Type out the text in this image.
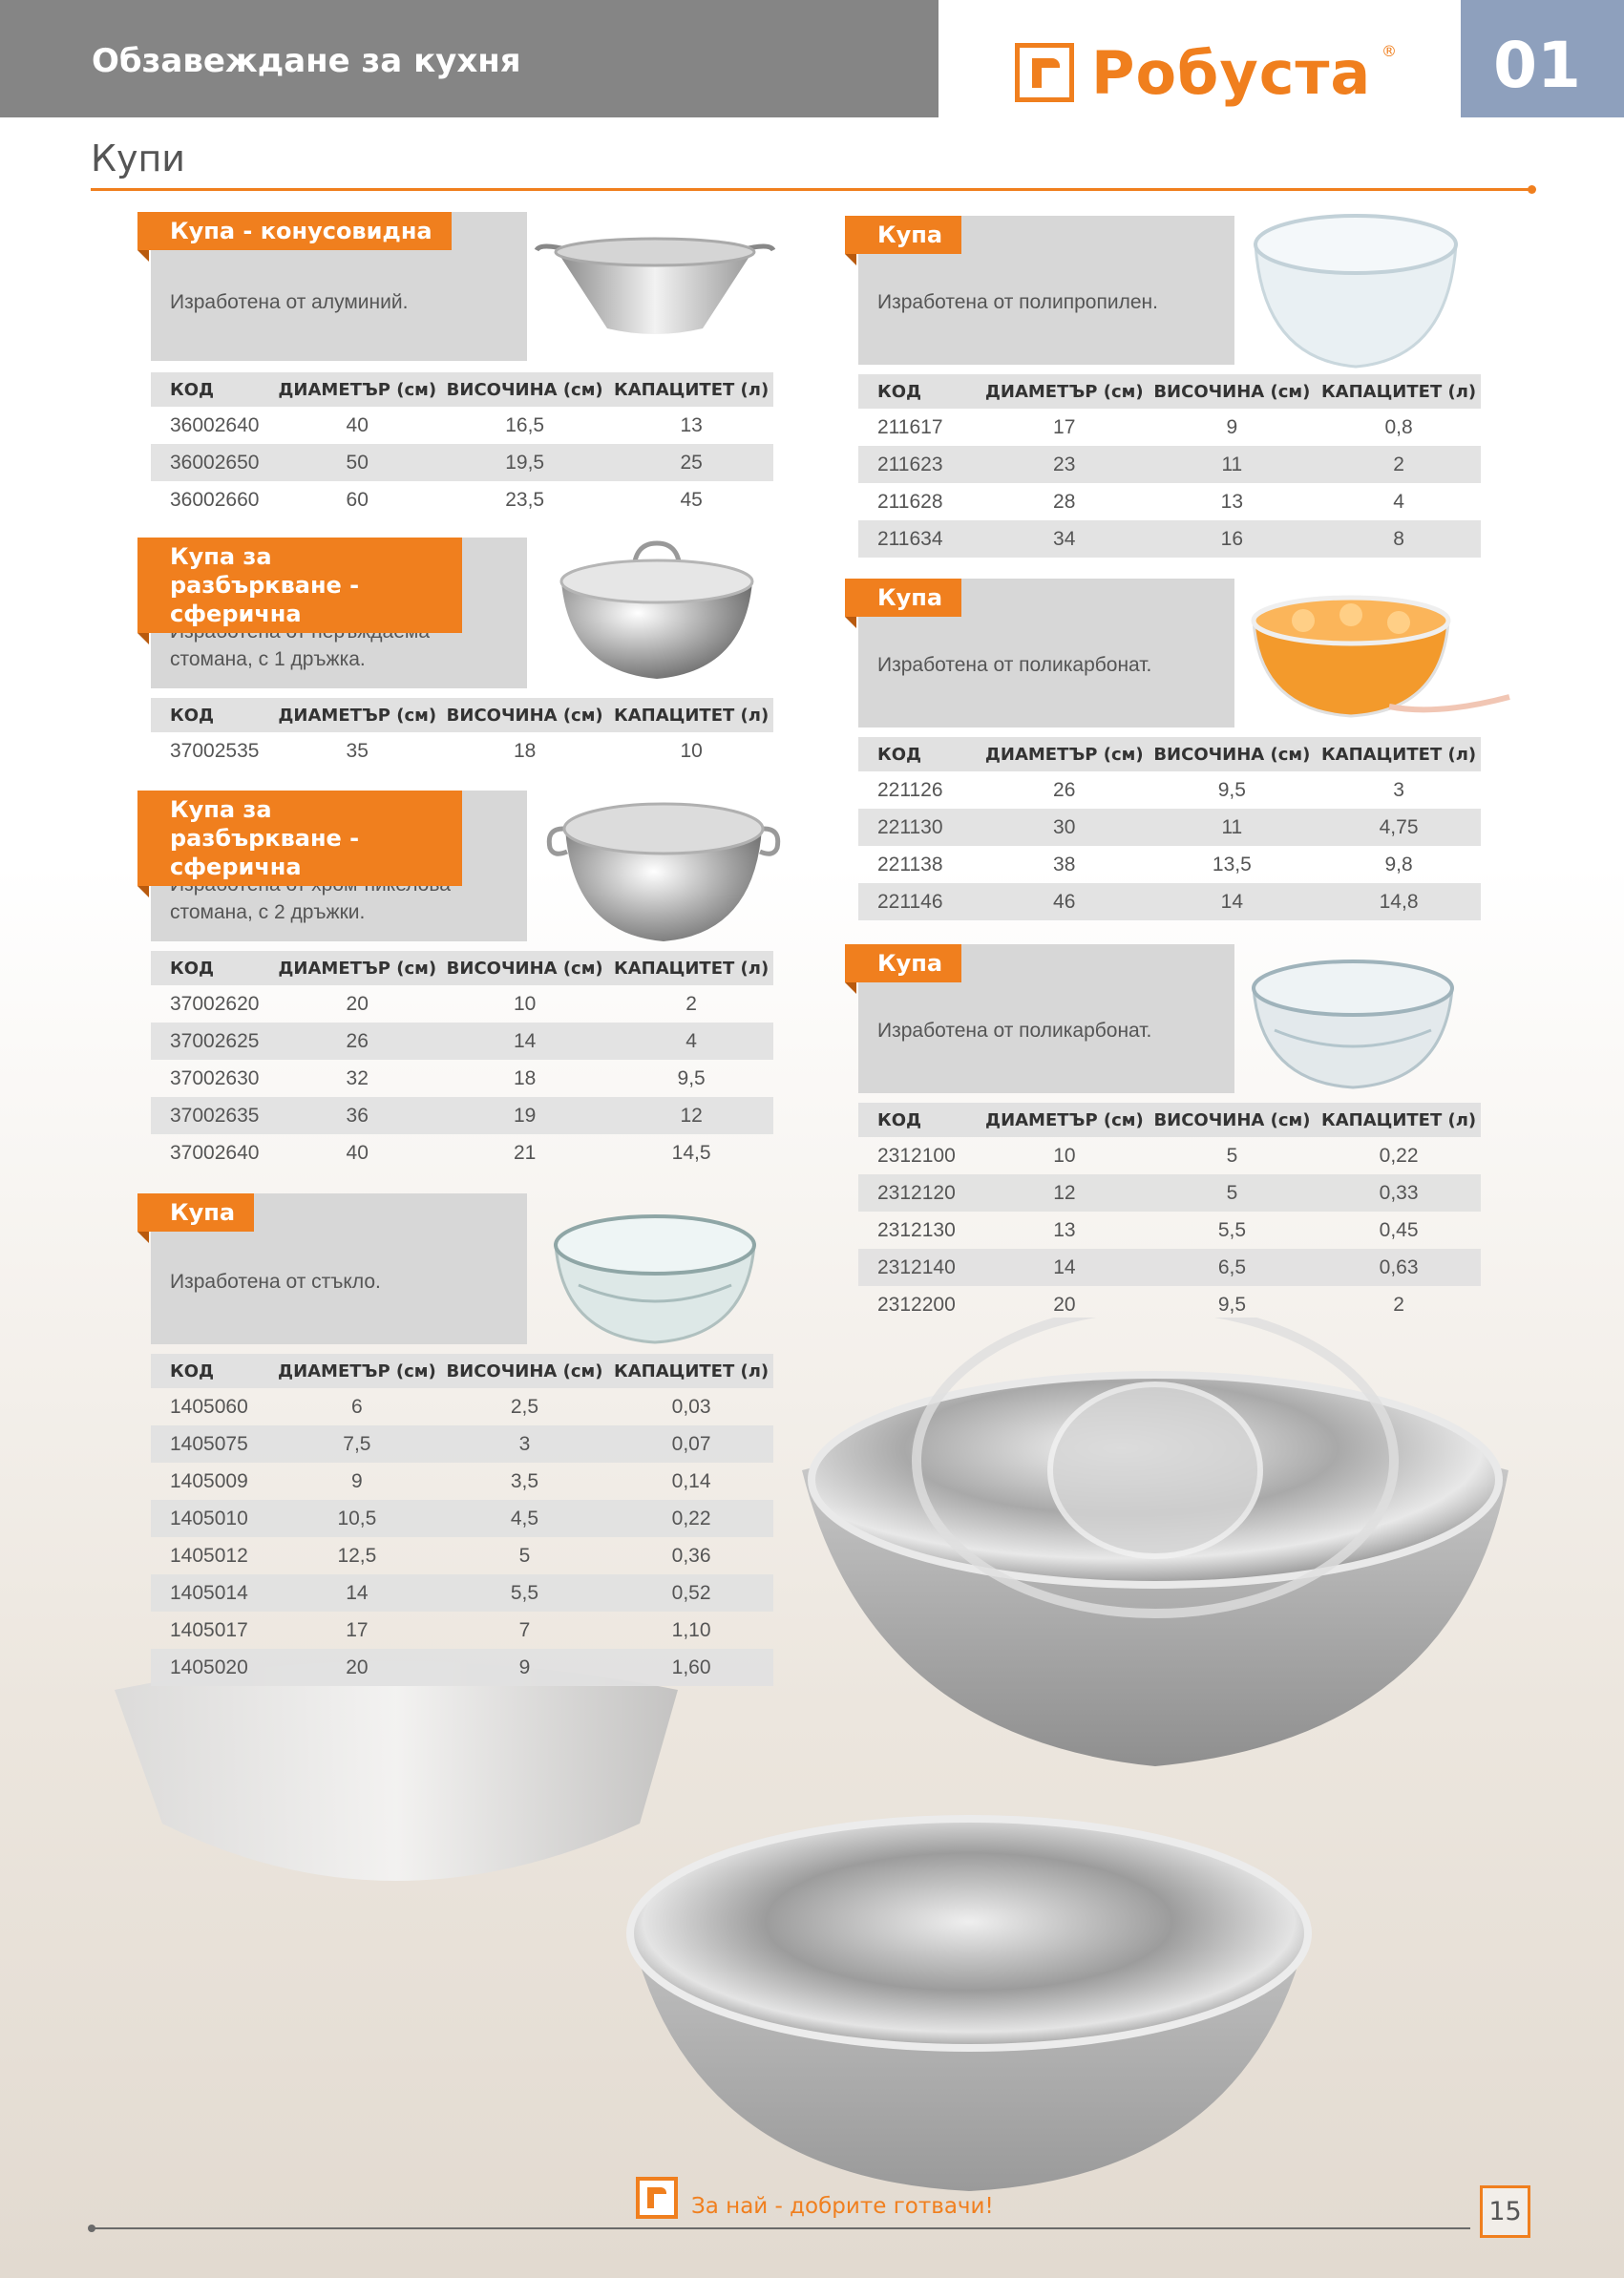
Обзавеждане за кухня	Робуста ®	01
Купи
Изработена от алуминий.
Купа - конусовидна
КОД	ДИАМЕТЪР (см)	ВИСОЧИНА (см)	КАПАЦИТЕТ (л)
36002640	40	16,5	13
36002650	50	19,5	25
36002660	60	23,5	45
стомана, с 1 дръжка.
Купа за разбъркване - сферична
КОД	ДИАМЕТЪР (см)	ВИСОЧИНА (см)	КАПАЦИТЕТ (л)
37002535	35	18	10
стомана, с 2 дръжки.
Купа за разбъркване - сферична
КОД	ДИАМЕТЪР (см)	ВИСОЧИНА (см)	КАПАЦИТЕТ (л)
37002620	20	10	2
37002625	26	14	4
37002630	32	18	9,5
37002635	36	19	12
37002640	40	21	14,5
Изработена от стъкло.
Купа
КОД	ДИАМЕТЪР (см)	ВИСОЧИНА (см)	КАПАЦИТЕТ (л)
1405060	6	2,5	0,03
1405075	7,5	3	0,07
1405009	9	3,5	0,14
1405010	10,5	4,5	0,22
1405012	12,5	5	0,36
1405014	14	5,5	0,52
1405017	17	7	1,10
1405020	20	9	1,60
Изработена от полипропилен.
Купа
КОД	ДИАМЕТЪР (см)	ВИСОЧИНА (см)	КАПАЦИТЕТ (л)
211617	17	9	0,8
211623	23	11	2
211628	28	13	4
211634	34	16	8
Изработена от поликарбонат.
Купа
КОД	ДИАМЕТЪР (см)	ВИСОЧИНА (см)	КАПАЦИТЕТ (л)
221126	26	9,5	3
221130	30	11	4,75
221138	38	13,5	9,8
221146	46	14	14,8
Изработена от поликарбонат.
Купа
КОД	ДИАМЕТЪР (см)	ВИСОЧИНА (см)	КАПАЦИТЕТ (л)
2312100	10	5	0,22
2312120	12	5	0,33
2312130	13	5,5	0,45
2312140	14	6,5	0,63
2312200	20	9,5	2
За най - добрите готвачи!	15
